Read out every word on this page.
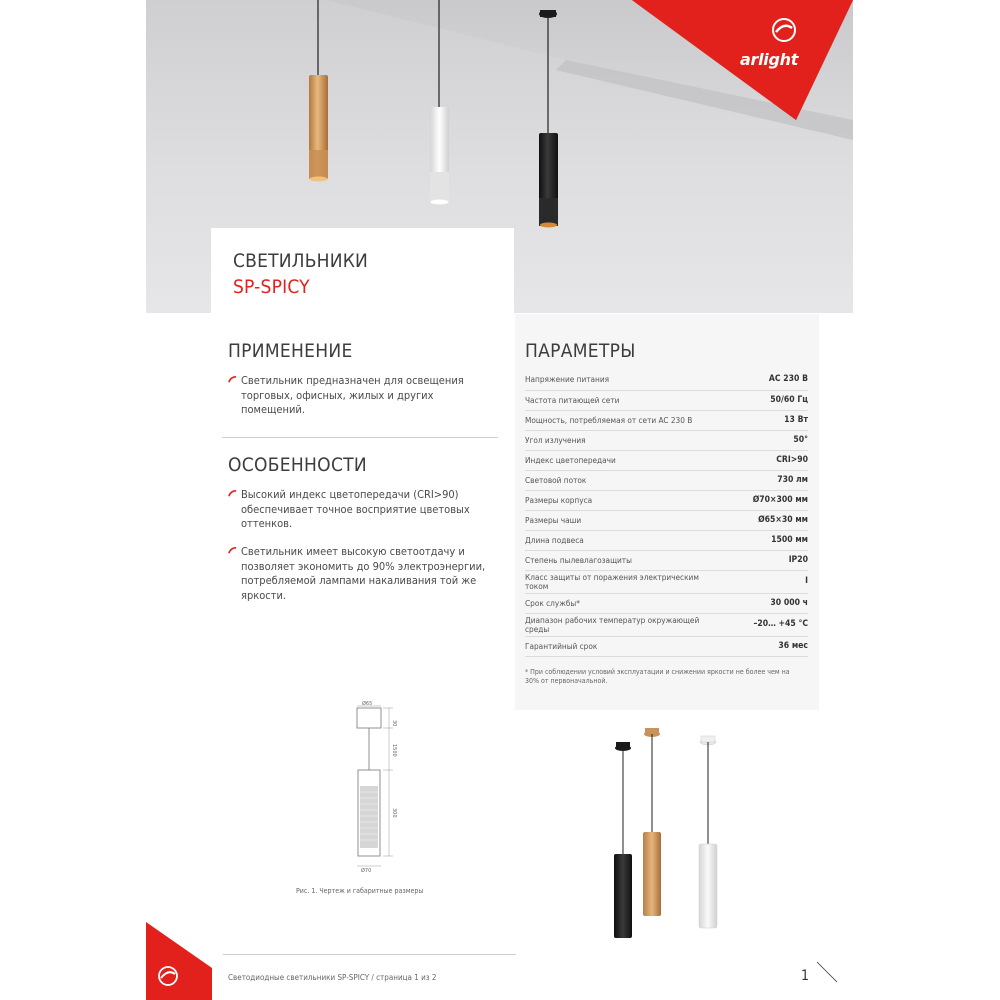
arlight
СВЕТИЛЬНИКИ
SP-SPICY
ПРИМЕНЕНИЕ
Светильник предназначен для освещения торговых, офисных, жилых и других помещений.
ОСОБЕННОСТИ
Высокий индекс цветопередачи (CRI>90) обеспечивает точное восприятие цветовых оттенков.
Светильник имеет высокую светоотдачу и позволяет экономить до 90% электроэнергии, потребляемой лампами накаливания той же яркости.
ПАРАМЕТРЫ
Напряжение питания	AC 230 В
Частота питающей сети	50/60 Гц
Мощность, потребляемая от сети AC 230 В	13 Вт
Угол излучения	50°
Индекс цветопередачи	CRI>90
Световой поток	730 лм
Размеры корпуса	Ø70×300 мм
Размеры чаши	Ø65×30 мм
Длина подвеса	1500 мм
Степень пылевлагозащиты	IP20
Класс защиты от поражения электрическим током	I
Срок службы*	30 000 ч
Диапазон рабочих температур окружающей среды	–20… +45 °C
Гарантийный срок	36 мес
* При соблюдении условий эксплуатации и снижении яркости не более чем на 30% от первоначальной.
Ø65
30
1500
300
Ø70
Рис. 1. Чертеж и габаритные размеры
Светодиодные светильники SP-SPICY / страница 1 из 2	1
